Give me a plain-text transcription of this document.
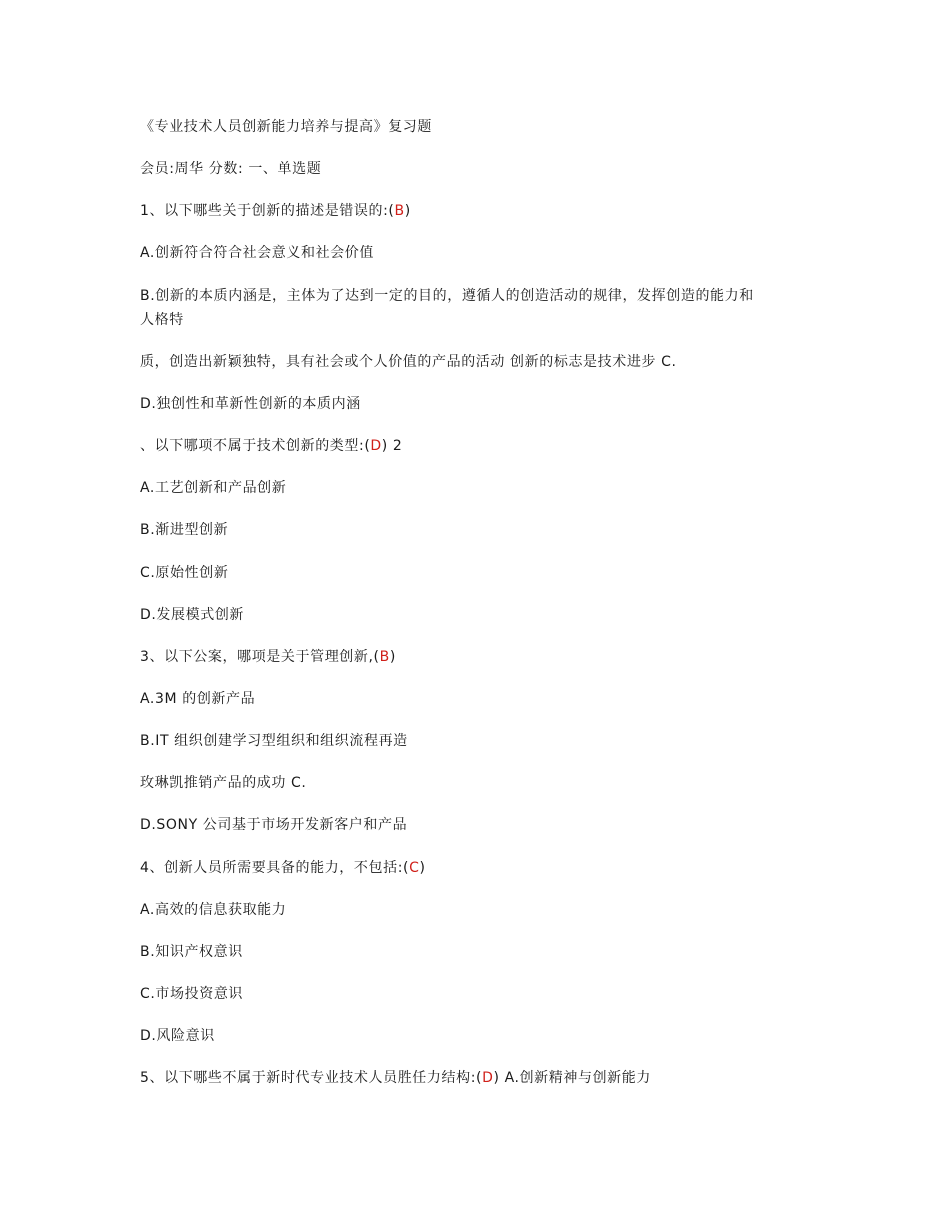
《专业技术人员创新能力培养与提高》复习题

会员:周华 分数: 一、单选题

1、以下哪些关于创新的描述是错误的:(B)

A.创新符合符合社会意义和社会价值

B.创新的本质内涵是，主体为了达到一定的目的，遵循人的创造活动的规律，发挥创造的能力和

人格特

质，创造出新颖独特，具有社会或个人价值的产品的活动 创新的标志是技术进步 C.

D.独创性和革新性创新的本质内涵

、以下哪项不属于技术创新的类型:(D) 2

A.工艺创新和产品创新

B.渐进型创新

C.原始性创新

D.发展模式创新

3、以下公案，哪项是关于管理创新,(B)

A.3M 的创新产品

B.IT 组织创建学习型组织和组织流程再造

玫琳凯推销产品的成功 C.

D.SONY 公司基于市场开发新客户和产品

4、创新人员所需要具备的能力，不包括:(C)

A.高效的信息获取能力

B.知识产权意识

C.市场投资意识

D.风险意识

5、以下哪些不属于新时代专业技术人员胜任力结构:(D) A.创新精神与创新能力
